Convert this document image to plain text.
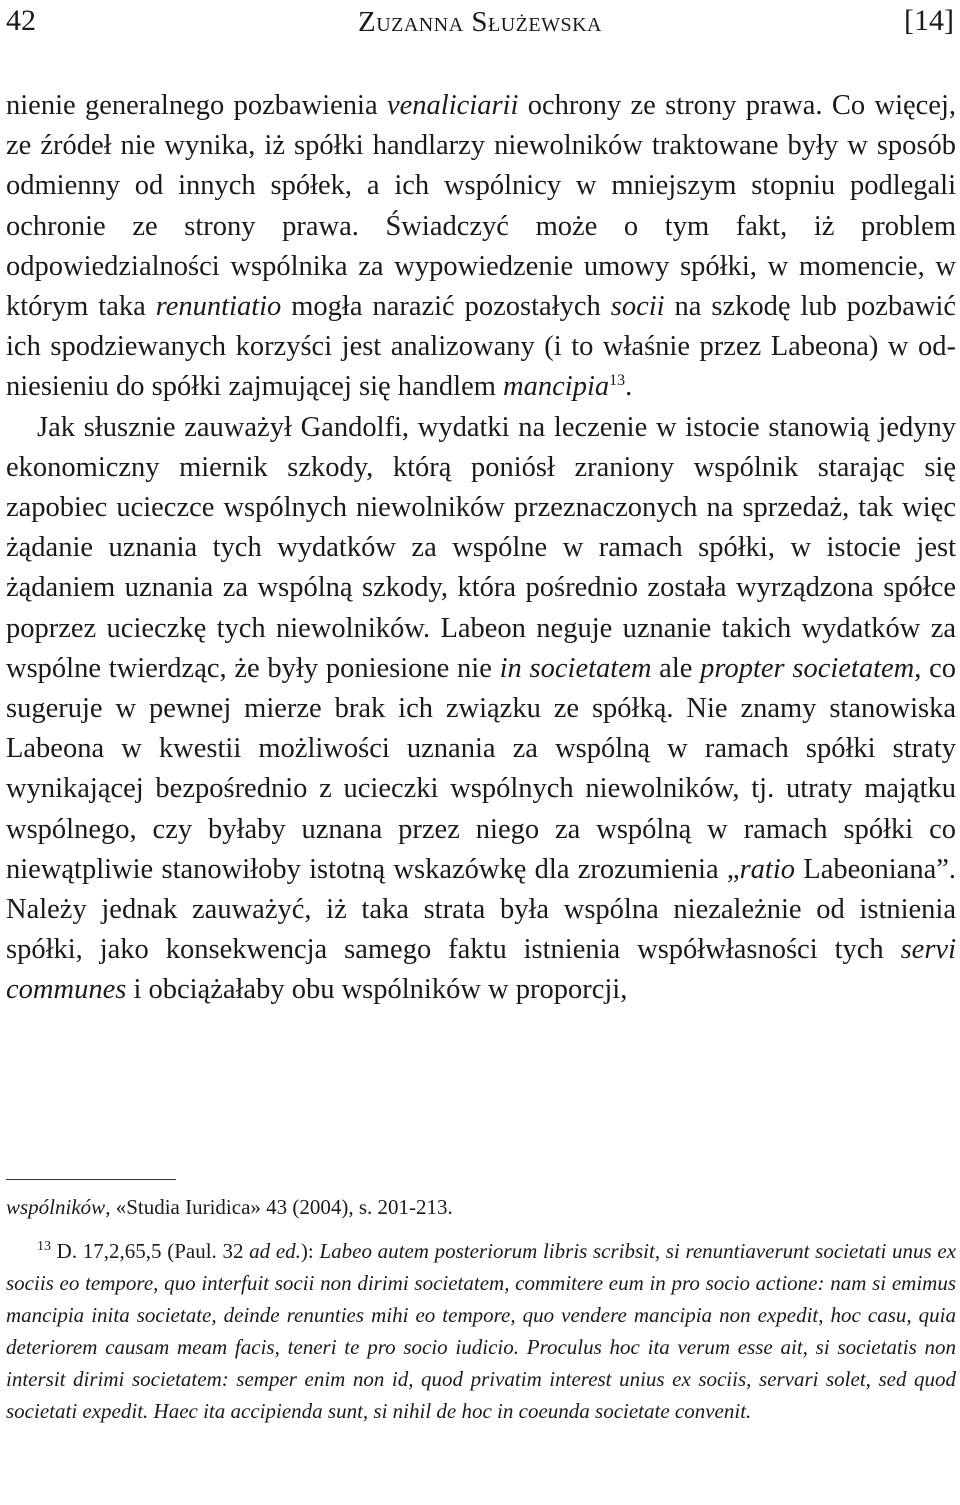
42	Zuzanna Służewska	[14]

nienie generalnego pozbawienia venaliciarii ochrony ze strony prawa. Co więcej, ze źródeł nie wynika, iż spółki handlarzy niewolników traktowane były w sposób odmienny od innych spółek, a ich wspólnicy w mniejszym stopniu podlegali ochronie ze strony prawa. Świadczyć może o tym fakt, iż problem odpowiedzialności wspólnika za wypowiedzenie umowy spółki, w momencie, w którym taka renuntiatio mogła narazić pozostałych socii na szkodę lub pozbawić ich spodziewanych korzyści jest analizowany (i to właśnie przez Labeona) w odniesieniu do spółki zajmującej się handlem mancipia$^{13}$.

Jak słusznie zauważył Gandolfi, wydatki na leczenie w istocie stanowią jedyny ekonomiczny miernik szkody, którą poniósł zraniony wspólnik starając się zapobiec ucieczce wspólnych niewolników przeznaczonych na sprzedaż, tak więc żądanie uznania tych wydatków za wspólne w ramach spółki, w istocie jest żądaniem uznania za wspólną szkody, która pośrednio została wyrządzona spółce poprzez ucieczkę tych niewolników. Labeon neguje uznanie takich wydatków za wspólne twierdząc, że były poniesione nie in societatem ale propter societatem, co sugeruje w pewnej mierze brak ich związku ze spółką. Nie znamy stanowiska Labeona w kwestii możliwości uznania za wspólną w ramach spółki straty wynikającej bezpośrednio z ucieczki wspólnych niewolników, tj. utraty majątku wspólnego, czy byłaby uznana przez niego za wspólną w ramach spółki co niewątpliwie stanowiłoby istotną wskazówkę dla zrozumienia „ratio Labeoniana”. Należy jednak zauważyć, iż taka strata była wspólna niezależnie od istnienia spółki, jako konsekwencja samego faktu istnienia współwłasności tych servi communes i obciążałaby obu wspólników w proporcji,

wspólników, «Studia Iuridica» 43 (2004), s. 201-213.

$^{13}$ D. 17,2,65,5 (Paul. 32 ad ed.): Labeo autem posteriorum libris scribsit, si renuntiaverunt societati unus ex sociis eo tempore, quo interfuit socii non dirimi societatem, commitere eum in pro socio actione: nam si emimus mancipia inita societate, deinde renunties mihi eo tempore, quo vendere mancipia non expedit, hoc casu, quia deteriorem causam meam facis, teneri te pro socio iudicio. Proculus hoc ita verum esse ait, si societatis non intersit dirimi societatem: semper enim non id, quod privatim interest unius ex sociis, servari solet, sed quod societati expedit. Haec ita accipienda sunt, si nihil de hoc in coeunda societate convenit.
